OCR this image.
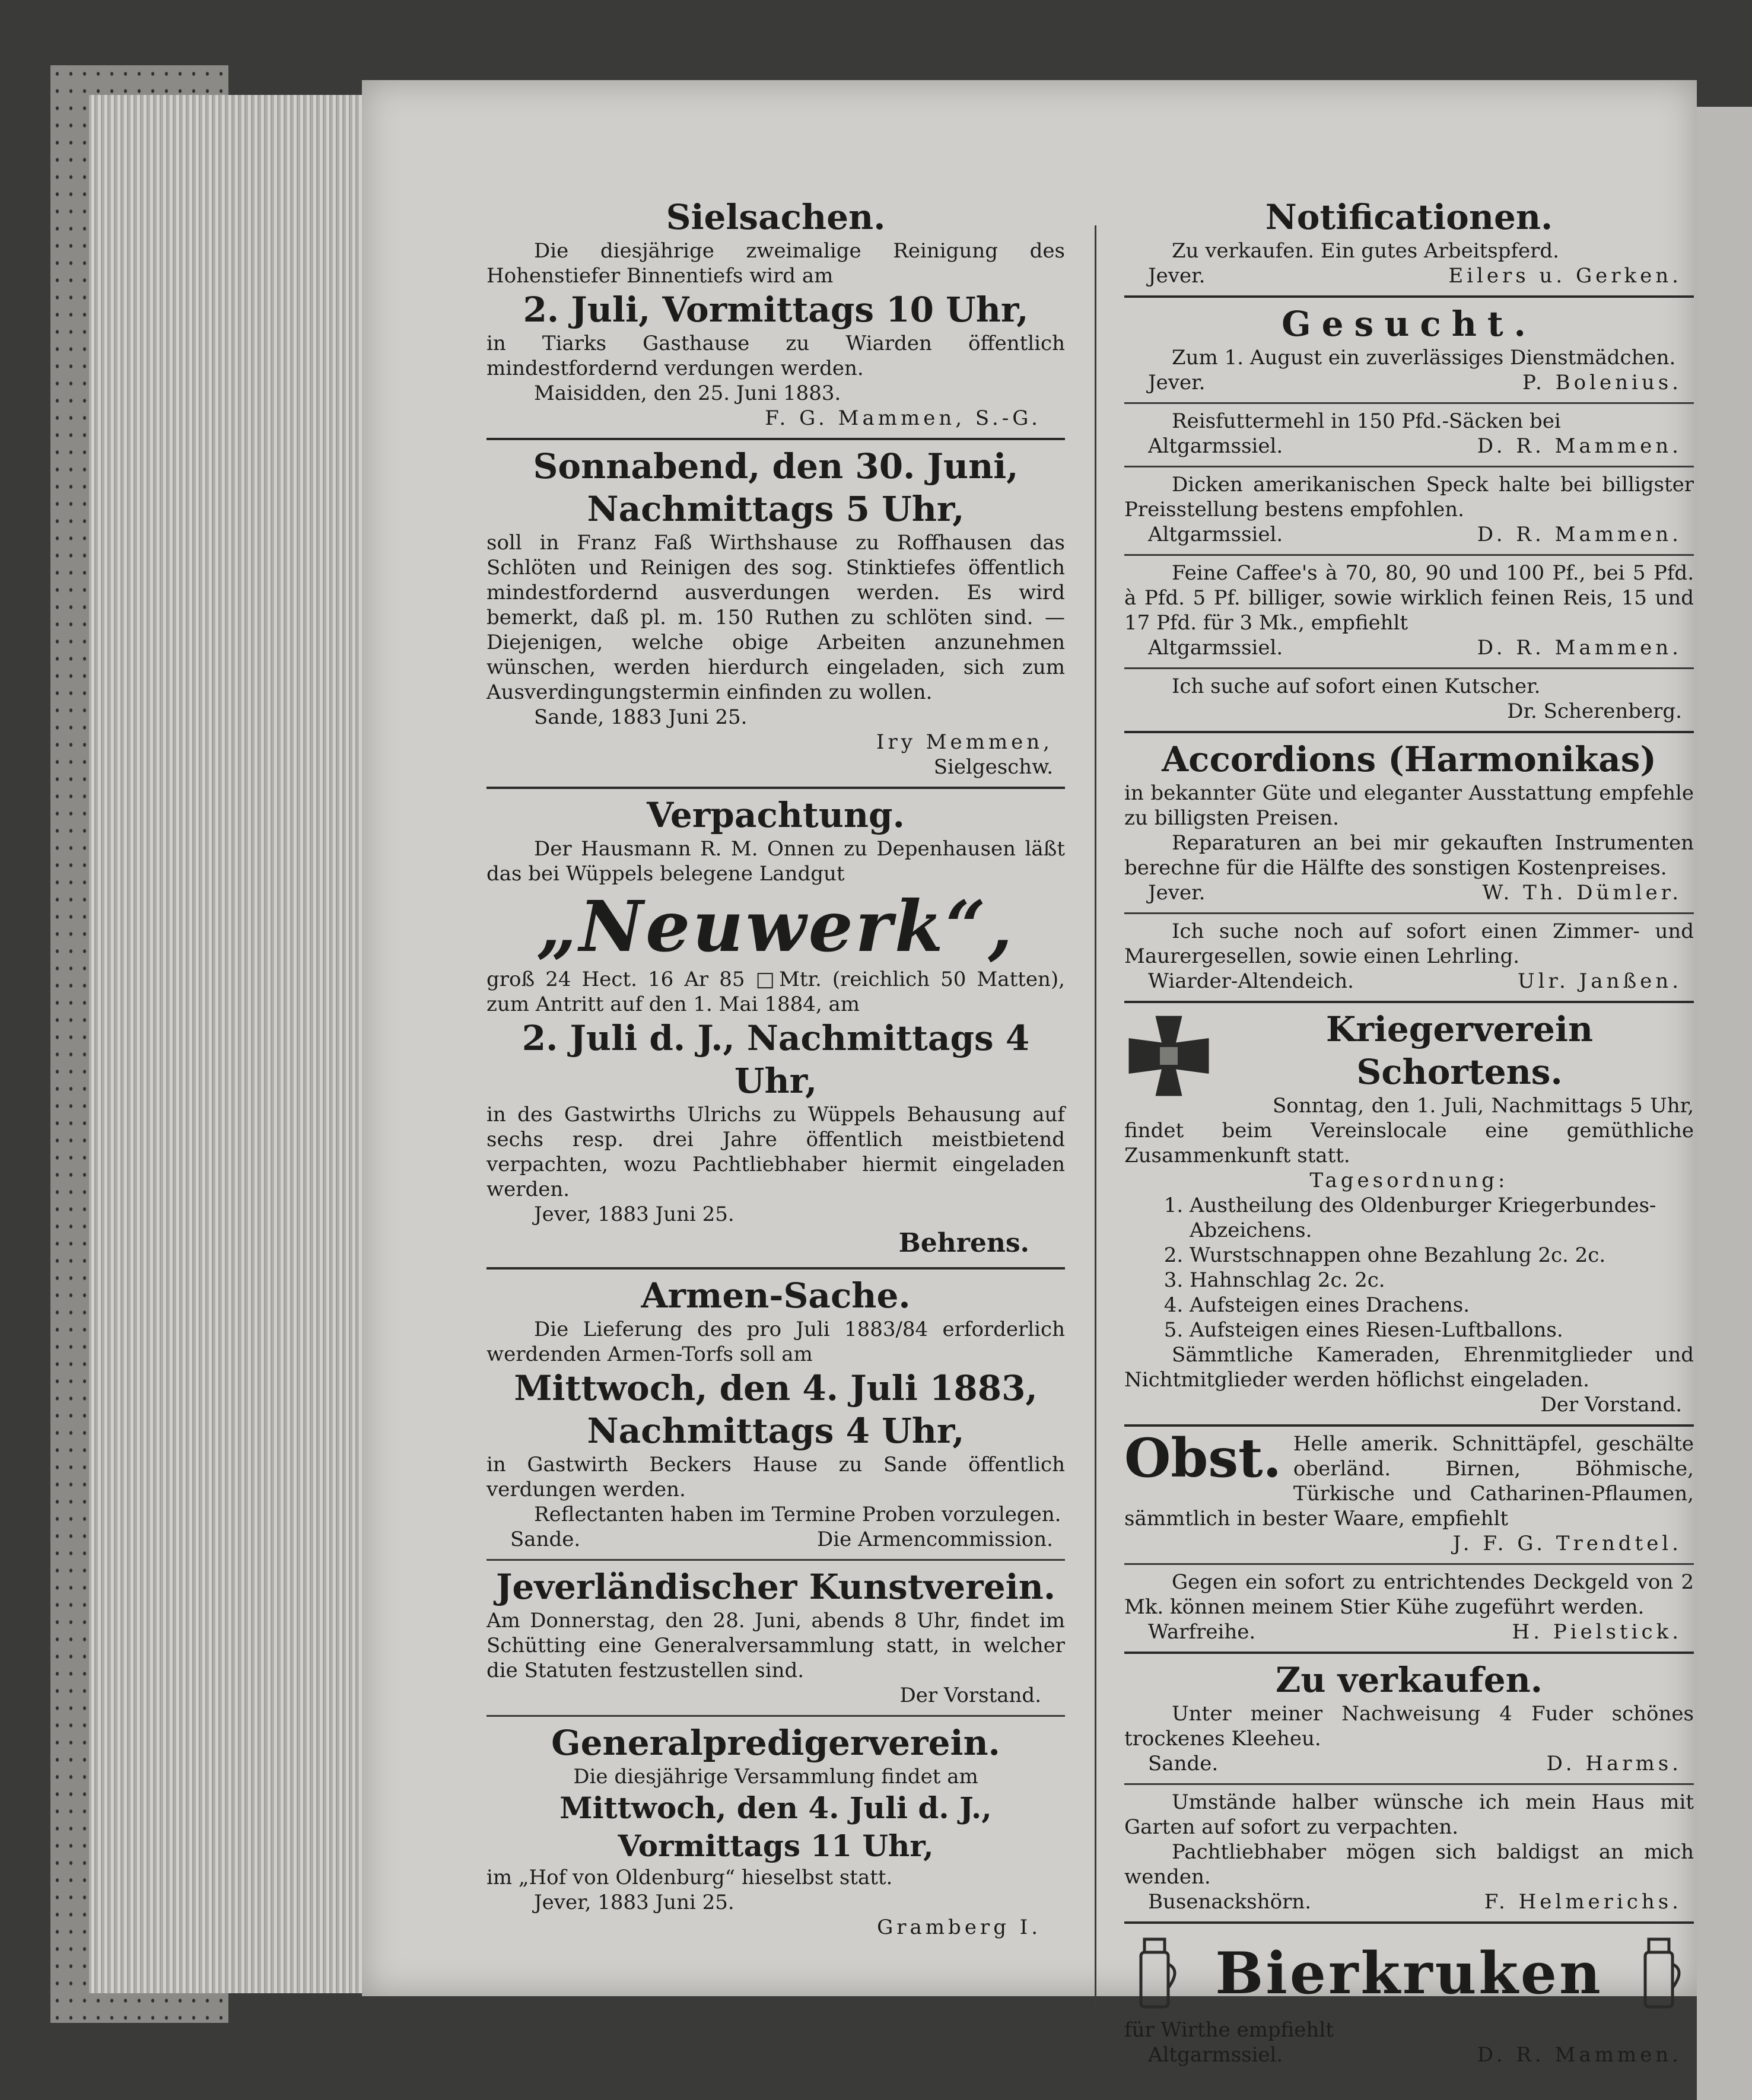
Sielsachen.

Die diesjährige zweimalige Reinigung des Hohenstiefer Binnentiefs wird am

2. Juli, Vormittags 10 Uhr,

in Tiarks Gasthause zu Wiarden öffentlich mindestfordernd verdungen werden.

Maisidden, den 25. Juni 1883.

F. G. Mammen, S.-G.

Sonnabend, den 30. Juni,
Nachmittags 5 Uhr,

soll in Franz Faß Wirthshause zu Roffhausen das Schlöten und Reinigen des sog. Stinktiefes öffentlich mindestfordernd ausverdungen werden. Es wird bemerkt, daß pl. m. 150 Ruthen zu schlöten sind. — Diejenigen, welche obige Arbeiten anzunehmen wünschen, werden hierdurch eingeladen, sich zum Ausverdingungstermin einfinden zu wollen.

Sande, 1883 Juni 25.

Iry Memmen,

Sielgeschw.

Verpachtung.

Der Hausmann R. M. Onnen zu Depenhausen läßt das bei Wüppels belegene Landgut

„Neuwerk“,

groß 24 Hect. 16 Ar 85 □Mtr. (reichlich 50 Matten), zum Antritt auf den 1. Mai 1884, am

2. Juli d. J., Nachmittags 4 Uhr,

in des Gastwirths Ulrichs zu Wüppels Behausung auf sechs resp. drei Jahre öffentlich meistbietend verpachten, wozu Pachtliebhaber hiermit eingeladen werden.

Jever, 1883 Juni 25.

Behrens.

Armen-Sache.

Die Lieferung des pro Juli 1883/84 erforderlich werdenden Armen-Torfs soll am

Mittwoch, den 4. Juli 1883,
Nachmittags 4 Uhr,

in Gastwirth Beckers Hause zu Sande öffentlich verdungen werden.

Reflectanten haben im Termine Proben vorzulegen.

Sande.	Die Armencommission.
Jeverländischer Kunstverein.

Am Donnerstag, den 28. Juni, abends 8 Uhr, findet im Schütting eine Generalversammlung statt, in welcher die Statuten festzustellen sind.

Der Vorstand.

Generalpredigerverein.

Die diesjährige Versammlung findet am

Mittwoch, den 4. Juli d. J.,
Vormittags 11 Uhr,

im „Hof von Oldenburg“ hieselbst statt.

Jever, 1883 Juni 25.

Gramberg I.

Notificationen.

Zu verkaufen. Ein gutes Arbeitspferd.

Jever.	Eilers u. Gerken.
Gesucht.

Zum 1. August ein zuverlässiges Dienstmädchen.

Jever.	P. Bolenius.

Reisfuttermehl in 150 Pfd.-Säcken bei

Altgarmssiel.	D. R. Mammen.

Dicken amerikanischen Speck halte bei billigster Preisstellung bestens empfohlen.

Altgarmssiel.	D. R. Mammen.

Feine Caffee's à 70, 80, 90 und 100 Pf., bei 5 Pfd. à Pfd. 5 Pf. billiger, sowie wirklich feinen Reis, 15 und 17 Pfd. für 3 Mk., empfiehlt

Altgarmssiel.	D. R. Mammen.

Ich suche auf sofort einen Kutscher.

Dr. Scherenberg.

Accordions (Harmonikas)

in bekannter Güte und eleganter Ausstattung empfehle zu billigsten Preisen.

Reparaturen an bei mir gekauften Instrumenten berechne für die Hälfte des sonstigen Kostenpreises.

Jever.	W. Th. Dümler.

Ich suche noch auf sofort einen Zimmer- und Maurergesellen, sowie einen Lehrling.

Wiarder-Altendeich.	Ulr. Janßen.
Kriegerverein Schortens.

Sonntag, den 1. Juli, Nachmittags 5 Uhr, findet beim Vereinslocale eine gemüthliche Zusammenkunft statt.

Tagesordnung:

1. Austheilung des Oldenburger Kriegerbundes-Abzeichens.
2. Wurstschnappen ohne Bezahlung 2c. 2c.
3. Hahnschlag 2c. 2c.
4. Aufsteigen eines Drachens.
5. Aufsteigen eines Riesen-Luftballons.

Sämmtliche Kameraden, Ehrenmitglieder und Nichtmitglieder werden höflichst eingeladen.

Der Vorstand.

Obst. Helle amerik. Schnittäpfel, geschälte oberländ. Birnen, Böhmische, Türkische und Catharinen-Pflaumen, sämmtlich in bester Waare, empfiehlt

J. F. G. Trendtel.

Gegen ein sofort zu entrichtendes Deckgeld von 2 Mk. können meinem Stier Kühe zugeführt werden.

Warfreihe.	H. Pielstick.
Zu verkaufen.

Unter meiner Nachweisung 4 Fuder schönes trockenes Kleeheu.

Sande.	D. Harms.

Umstände halber wünsche ich mein Haus mit Garten auf sofort zu verpachten.

Pachtliebhaber mögen sich baldigst an mich wenden.

Busenackshörn.	F. Helmerichs.
Bierkruken

für Wirthe empfiehlt

Altgarmssiel.	D. R. Mammen.
